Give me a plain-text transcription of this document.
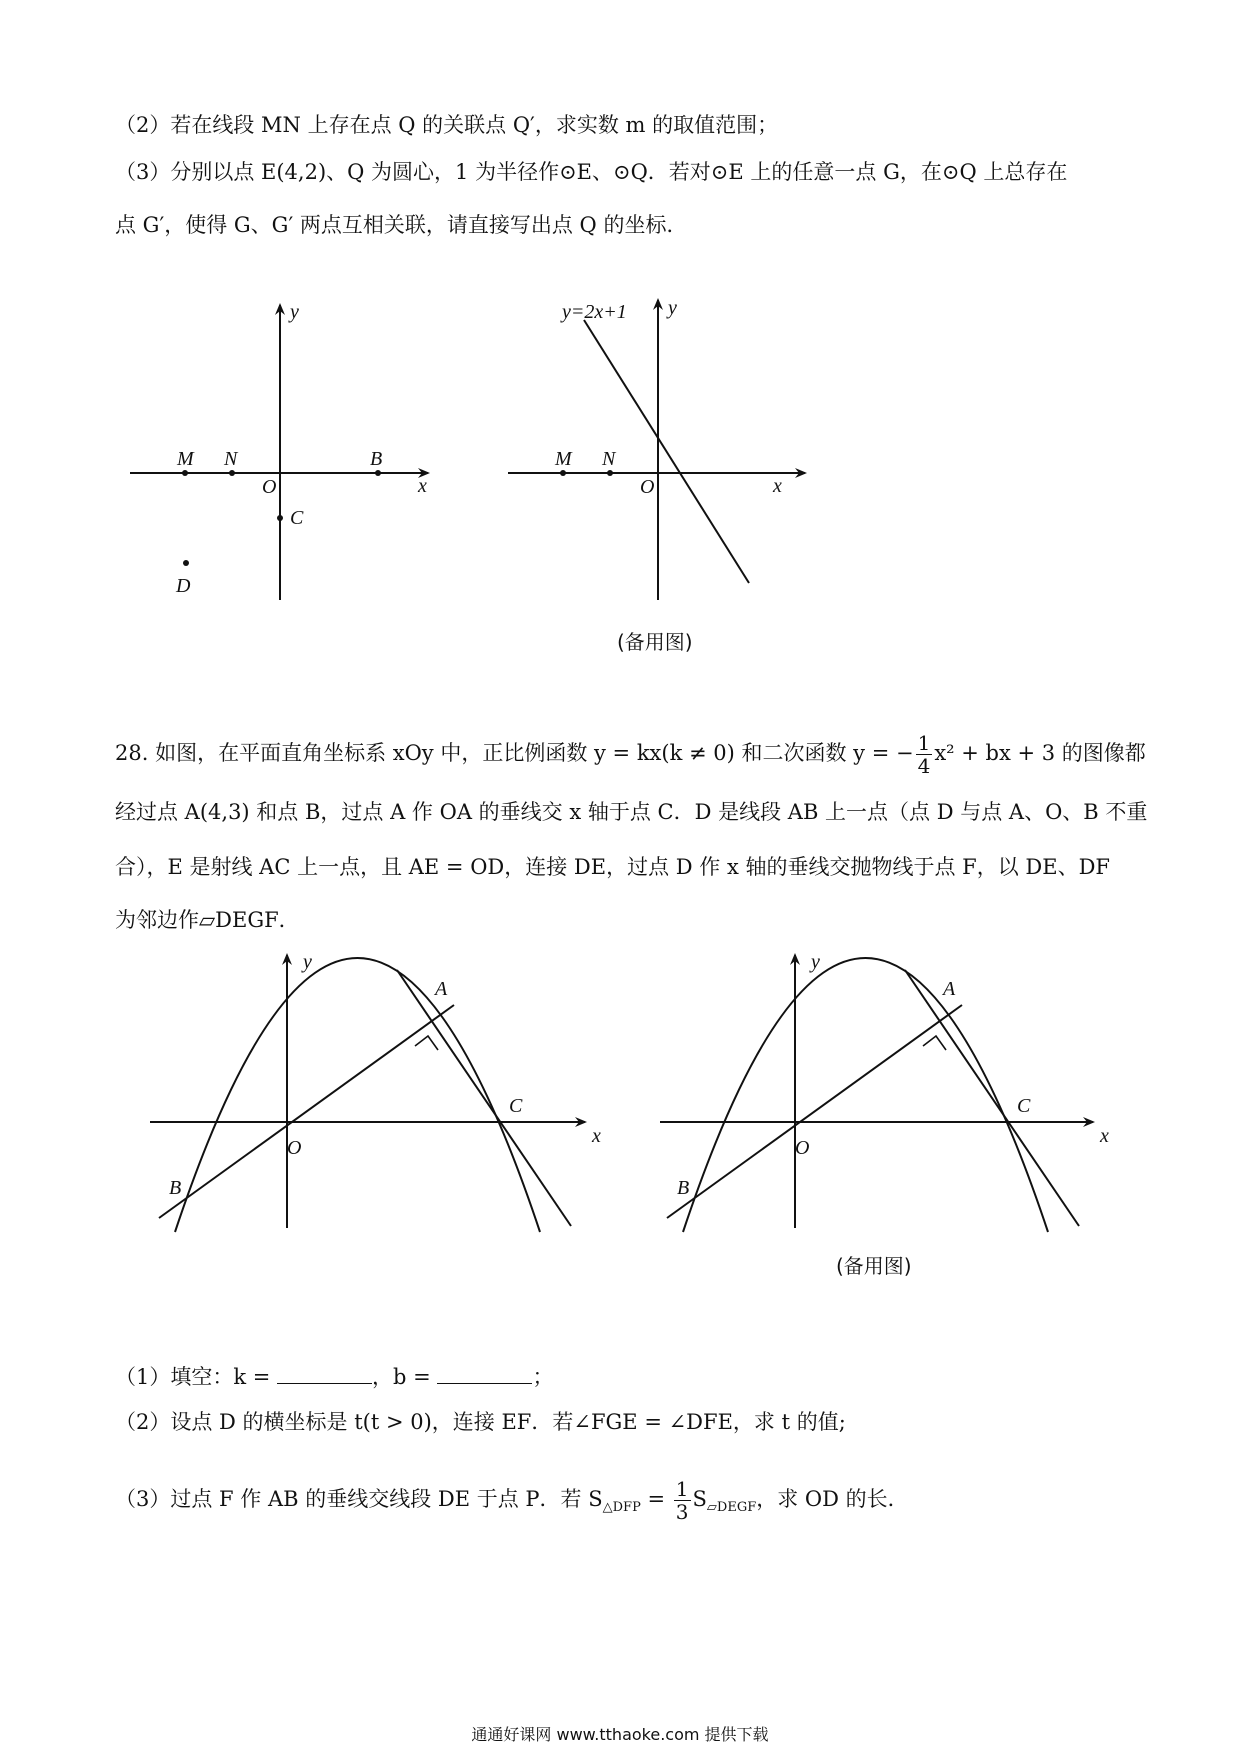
（2）若在线段 MN 上存在点 Q 的关联点 Q′，求实数 m 的取值范围；
（3）分别以点 E(4,2)、Q 为圆心，1 为半径作⊙E、⊙Q．若对⊙E 上的任意一点 G，在⊙Q 上总存在
点 G′，使得 G、G′ 两点互相关联，请直接写出点 Q 的坐标．
y
x
O
M N	B
C
D
y
x
O
M N
y=2x+1
(备用图)
28. 如图，在平面直角坐标系 xOy 中，正比例函数 y = kx(k ≠ 0) 和二次函数 y = − $\frac{1}{4} x^2$ + bx + 3 的图像都
经过点 A(4,3) 和点 B，过点 A 作 OA 的垂线交 x 轴于点 C．D 是线段 AB 上一点（点 D 与点 A、O、B 不重
合），E 是射线 AC 上一点，且 AE = OD，连接 DE，过点 D 作 x 轴的垂线交抛物线于点 F，以 DE、DF
为邻边作▱DEGF．
y
x
O
A
B
C
y
x
O
A
B
C
(备用图)
（1）填空：k =	，b =	；
（2）设点 D 的横坐标是 t(t > 0)，连接 EF．若∠FGE = ∠DFE，求 t 的值;
（3）过点 F 作 AB 的垂线交线段 DE 于点 P．若 $S_{\triangle DFP} = \frac{1}{3} S_{▱DEGF}$，求 OD 的长．
通通好课网 www.tthaoke.com 提供下载
